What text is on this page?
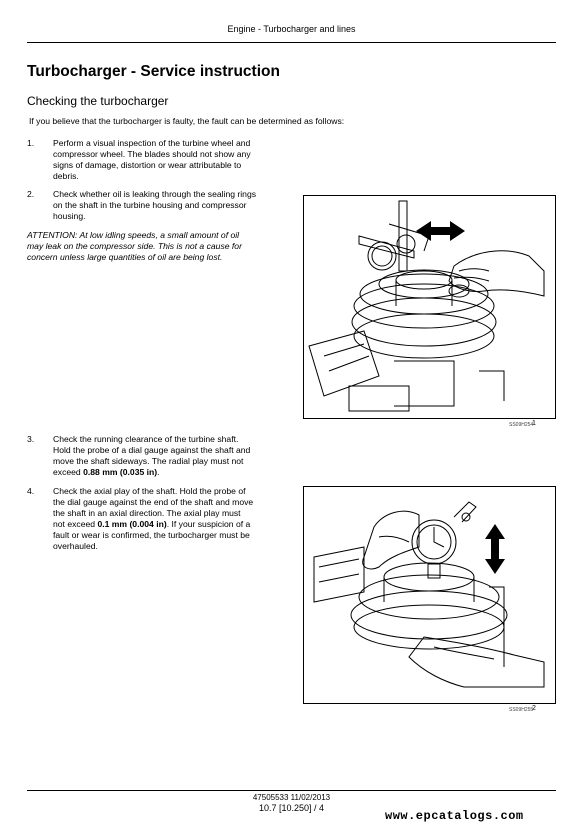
Engine - Turbocharger and lines
Turbocharger - Service instruction
Checking the turbocharger
If you believe that the turbocharger is faulty, the fault can be determined as follows:
1.	Perform a visual inspection of the turbine wheel and
compressor wheel. The blades should not show any
signs of damage, distortion or wear attributable to
debris.
2.	Check whether oil is leaking through the sealing rings
on the shaft in the turbine housing and compressor
housing.
ATTENTION: At low idling speeds, a small amount of oil
may leak on the compressor side. This is not a cause for
concern unless large quantities of oil are being lost.
SS09H254
1
3.	Check the running clearance of the turbine shaft.
Hold the probe of a dial gauge against the shaft and
move the shaft sideways. The radial play must not
exceed 0.88 mm (0.035 in).
4.	Check the axial play of the shaft. Hold the probe of
the dial gauge against the end of the shaft and move
the shaft in an axial direction. The axial play must
not exceed 0.1 mm (0.004 in). If your suspicion of a
fault or wear is confirmed, the turbocharger must be
overhauled.
SS09H255
2
47505533 11/02/2013
10.7 [10.250] / 4
www.epcatalogs.com
